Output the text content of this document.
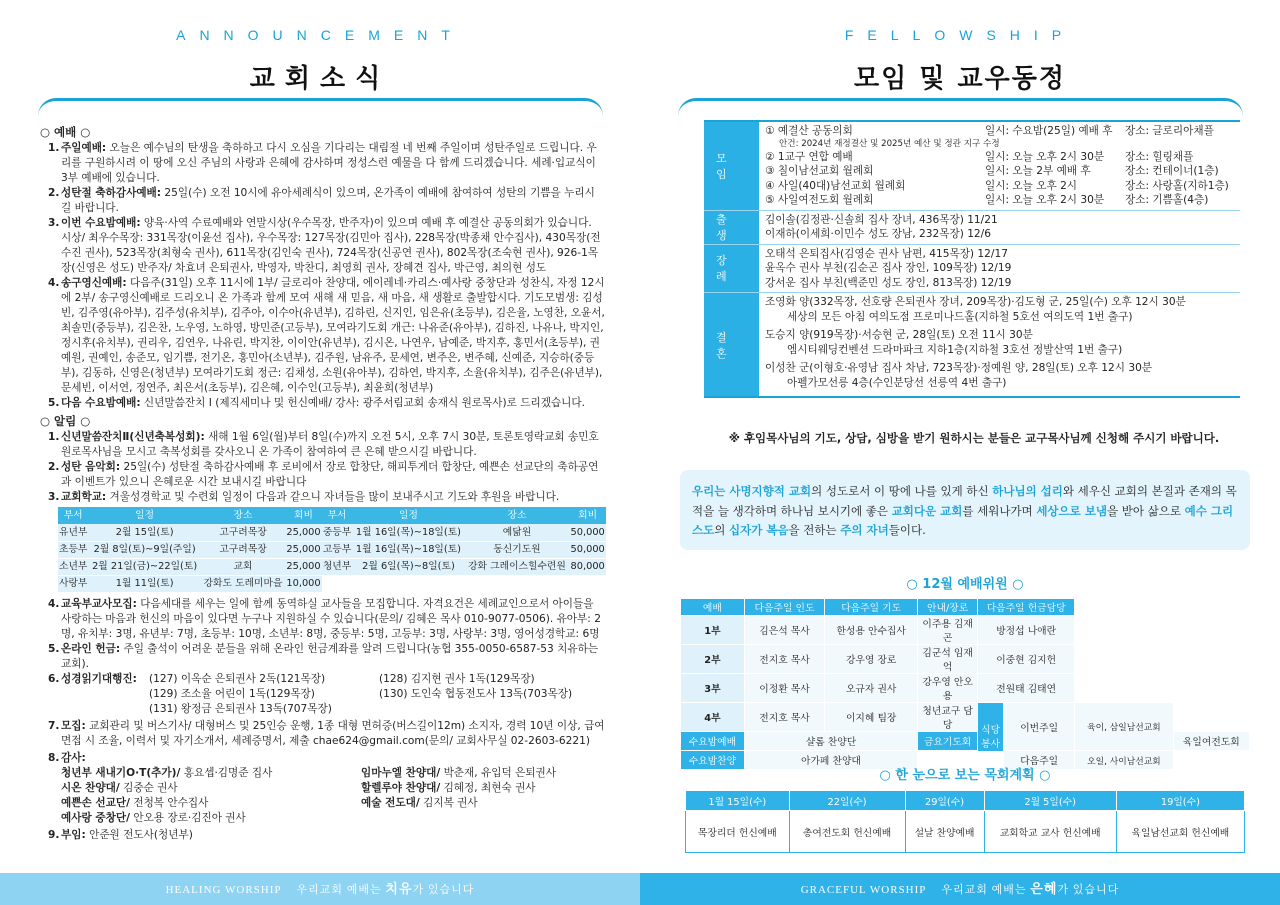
ANNOUNCEMENT
교회소식
○ 예배 ○
1. 주일예배: 오늘은 예수님의 탄생을 축하하고 다시 오심을 기다리는 대림절 네 번째 주일이며 성탄주일로 드립니다. 우리를 구원하시려 이 땅에 오신 주님의 사랑과 은혜에 감사하며 정성스런 예물을 다 함께 드리겠습니다. 세례·입교식이 3부 예배에 있습니다.
2. 성탄절 축하감사예배: 25일(수) 오전 10시에 유아세례식이 있으며, 온가족이 예배에 참여하여 성탄의 기쁨을 누리시길 바랍니다.
3. 이번 수요밤예배: 양육·사역 수료예배와 연말시상(우수목장, 반주자)이 있으며 예배 후 예결산 공동의회가 있습니다. 시상/ 최우수목장: 331목장(이윤선 집사), 우수목장: 127목장(김민아 집사), 228목장(박종채 안수집사), 430목장(전수진 권사), 523목장(최형숙 권사), 611목장(김인숙 권사), 724목장(신공연 권사), 802목장(조숙현 권사), 926-1목장(신영은 성도) 반주자/ 차효녀 은퇴권사, 박영자, 박찬디, 최영희 권사, 장혜견 집사, 박근영, 최의현 성도
4. 송구영신예배: 다음주(31일) 오후 11시에 1부/ 글로리아 찬양대, 에이레네·카리스·예사랑 중창단과 성찬식, 자정 12시에 2부/ 송구영신예배로 드리오니 온 가족과 함께 모여 새해 새 믿음, 새 마음, 새 생활로 출발합시다. 기도모범생: 김성빈, 김주영(유아부), 김주성(유치부), 김주아, 이수아(유년부), 김하린, 신지인, 임은유(초등부), 김은율, 노영찬, 오윤서, 최솔민(중등부), 김은찬, 노우영, 노하영, 방민준(고등부), 모여라기도회 개근: 나유준(유아부), 김하진, 나유나, 박지인, 정시후(유치부), 권리우, 김연우, 나유린, 박지찬, 이이안(유년부), 김시온, 나연우, 남예준, 박지후, 홍민서(초등부), 권예원, 권예인, 송준모, 임기쁨, 전기온, 홍민아(소년부), 김주원, 남유주, 문세연, 변주은, 변주혜, 신예준, 지승하(중등부), 김동하, 신영은(청년부) 모여라기도회 정근: 김채성, 소원(유아부), 김하연, 박지후, 소율(유치부), 김주은(유년부), 문세빈, 이서연, 정연주, 최은서(초등부), 김은혜, 이수인(고등부), 최윤희(청년부)
5. 다음 수요밤예배: 신년말씀잔치 I (제직세미나 및 헌신예배/ 강사: 광주서림교회 송재식 원로목사)로 드리겠습니다.
○ 알림 ○
1. 신년말씀잔치Ⅱ(신년축복성회): 새해 1월 6일(월)부터 8일(수)까지 오전 5시, 오후 7시 30분, 토론토영락교회 송민호 원로목사님을 모시고 축복성회를 갖사오니 온 가족이 참여하여 큰 은혜 받으시길 바랍니다.
2. 성탄 음악회: 25일(수) 성탄절 축하감사예배 후 로비에서 장로 합창단, 해피투게더 합창단, 예쁜손 선교단의 축하공연과 이벤트가 있으니 은혜로운 시간 보내시길 바랍니다
3. 교회학교: 겨울성경학교 및 수련회 일정이 다음과 같으니 자녀들을 많이 보내주시고 기도와 후원을 바랍니다.
부서	일정	장소	회비	부서	일정	장소	회비
유년부	2월 15일(토)	고구려목장	25,000	중등부	1월 16일(목)~18일(토)	예닮원	50,000
초등부	2월 8일(토)~9일(주일)	고구려목장	25,000	고등부	1월 16일(목)~18일(토)	동신기도원	50,000
소년부	2월 21일(금)~22일(토)	교회	25,000	청년부	2월 6일(목)~8일(토)	강화 그레이스힐수련원	80,000
사랑부	1월 11일(토)	강화도 도레미마을	10,000				
4. 교육부교사모집: 다음세대를 세우는 일에 함께 동역하실 교사들을 모집합니다. 자격요건은 세례교인으로서 아이들을 사랑하는 마음과 헌신의 마음이 있다면 누구나 지원하실 수 있습니다(문의/ 김혜은 목사 010-9077-0506). 유아부: 2명, 유치부: 3명, 유년부: 7명, 초등부: 10명, 소년부: 8명, 중등부: 5명, 고등부: 3명, 사랑부: 3명, 영어성경학교: 6명
5. 온라인 헌금: 주일 출석이 어려운 분들을 위해 온라인 헌금계좌를 알려 드립니다(농협 355-0050-6587-53 치유하는교회).
6. 성경읽기대행진:	(127) 이옥순 은퇴권사 2독(121목장)	(128) 김지현 권사 1독(129목장)
(129) 조소율 어린이 1독(129목장)	(130) 도인숙 협동전도사 13독(703목장)
(131) 왕정금 은퇴권사 13독(707목장)
7. 모집: 교회관리 및 버스기사/ 대형버스 및 25인승 운행, 1종 대형 면허증(버스길이12m) 소지자, 경력 10년 이상, 급여 면접 시 조율, 이력서 및 자기소개서, 세례증명서, 제출 chae624@gmail.com(문의/ 교회사무실 02-2603-6221)
8. 감사:
청년부 새내기O·T(추가)/ 홍요셉·김명준 집사	임마누엘 찬양대/ 박춘재, 유입덕 은퇴권사
시온 찬양대/ 김중순 권사	할렐루야 찬양대/ 김혜정, 최현숙 권사
예쁜손 선교단/ 전청복 안수집사	예술 전도대/ 김지복 권사
예사랑 중창단/ 안오용 장로·김진아 권사
9. 부임: 안준원 전도사(청년부)
HEALING WORSHIP 우리교회 예배는 치유가 있습니다
FELLOWSHIP
모임 및 교우동정
모임
① 예결산 공동의회	일시: 수요밤(25일) 예배 후	장소: 글로리아채플
안건: 2024년 재정결산 및 2025년 예산 및 정관 지구 수정
② 1교구 연합 예배	일시: 오늘 오후 2시 30분	장소: 힐링채플
③ 칠이남선교회 월례회	일시: 오늘 2부 예배 후	장소: 컨테이너(1층)
④ 사일(40대)남선교회 월례회	일시: 오늘 오후 2시	장소: 사랑홀(지하1층)
⑤ 사일여전도회 월례회	일시: 오늘 오후 2시 30분	장소: 기쁨홀(4층)
출생
김이솔(김정관·신솔희 집사 장녀, 436목장) 11/21
이재하(이세희·이민수 성도 장남, 232목장) 12/6
장례
오태석 은퇴집사(김영순 권사 남편, 415목장) 12/17
윤옥수 권사 부천(김순곤 집사 장인, 109목장) 12/19
강서운 집사 부친(백준민 성도 장인, 813목장) 12/19
결혼
조영화 양(332목장, 선호량 은퇴권사 장녀, 209목장)·김도형 군, 25일(수) 오후 12시 30분
세상의 모든 아침 여의도점 프로미나드홀(지하철 5호선 여의도역 1번 출구)
도승지 양(919목장)·서승현 군, 28일(토) 오전 11시 30분
엠시티웨딩컨벤션 드라마파크 지하1층(지하철 3호선 정발산역 1번 출구)
이성찬 군(이형호·유영남 집사 차남, 723목장)·정예원 양, 28일(토) 오후 12시 30분
아펠가모선릉 4층(수인분당선 선릉역 4번 출구)
※ 후임목사님의 기도, 상담, 심방을 받기 원하시는 분들은 교구목사님께 신청해 주시기 바랍니다.
우리는 사명지향적 교회의 성도로서 이 땅에 나를 있게 하신 하나님의 섭리와 세우신 교회의 본질과 존재의 목적을 늘 생각하며 하나님 보시기에 좋은 교회다운 교회를 세워나가며 세상으로 보냄을 받아 삶으로 예수 그리스도의 십자가 복음을 전하는 주의 자녀들이다.
○ 12월 예배위원 ○
예배	다음주일 인도	다음주일 기도	안내/장로	다음주일 헌금담당			
1부	김은석 목사	한성용 안수집사	이주용 김재곤	방정섭 나애란			
2부	전지호 목사	강우영 장로	김군석 임재억	이중현 김지헌			
3부	이정환 목사	오규자 권사	강우영 안오용	전원태 김태연			
4부	전지호 목사	이지혜 팀장	청년교구 담당	식당 봉사	이번주일	육이, 삼일남선교회	
수요밤예배	샬롬 찬양단		금요기도회				육일여전도회
수요밤찬양	아가페 찬양대				다음주일	오일, 사이남선교회	
○ 한 눈으로 보는 목회계획 ○
1월 15일(수)	22일(수)	29일(수)	2월 5일(수)	19일(수)
목장리더 헌신예배	총여전도회 헌신예배	설날 찬양예배	교회학교 교사 헌신예배	육일남선교회 헌신예배
GRACEFUL WORSHIP 우리교회 예배는 은혜가 있습니다
